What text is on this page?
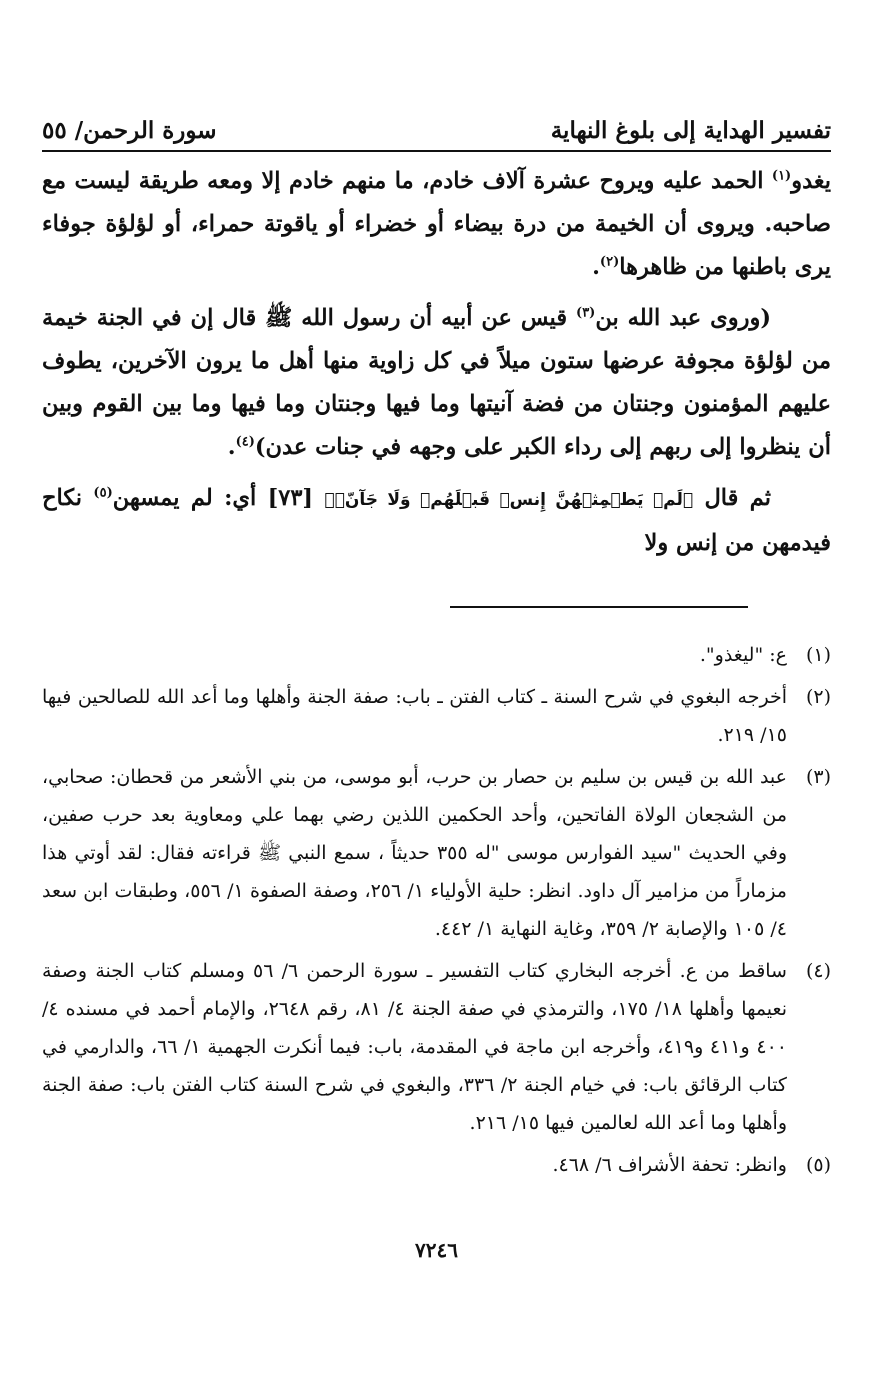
تفسير الهداية إلى بلوغ النهاية
سورة الرحمن/ ٥٥

يغدو$^{(١)}$ الحمد عليه ويروح عشرة آلاف خادم، ما منهم خادم إلا ومعه طريقة ليست مع صاحبه. ويروى أن الخيمة من درة بيضاء أو خضراء أو ياقوتة حمراء، أو لؤلؤة جوفاء يرى باطنها من ظاهرها$^{(٢)}$.

(وروى عبد الله بن$^{(٣)}$ قيس عن أبيه أن رسول الله ﷺ قال إن في الجنة خيمة من لؤلؤة مجوفة عرضها ستون ميلاً في كل زاوية منها أهل ما يرون الآخرين، يطوف عليهم المؤمنون وجنتان من فضة آنيتها وما فيها وجنتان وما فيها وما بين القوم وبين أن ينظروا إلى ربهم إلى رداء الكبر على وجهه في جنات عدن)$^{(٤)}$.

ثم قال ﴿لَمۡ يَطۡمِثۡهُنَّ إِنسٞ قَبۡلَهُمۡ وَلَا جَآنّٞ﴾ [٧٣] أي: لم يمسهن$^{(٥)}$ نكاح فيدمهن من إنس ولا

(١)
ع: "ليغذو".
(٢)
أخرجه البغوي في شرح السنة ـ كتاب الفتن ـ باب: صفة الجنة وأهلها وما أعد الله للصالحين فيها ١٥/ ٢١٩.
(٣)
عبد الله بن قيس بن سليم بن حصار بن حرب، أبو موسى، من بني الأشعر من قحطان: صحابي، من الشجعان الولاة الفاتحين، وأحد الحكمين اللذين رضي بهما علي ومعاوية بعد حرب صفين، وفي الحديث "سيد الفوارس موسى "له ٣٥٥ حديثاً ، سمع النبي ﷺ قراءته فقال: لقد أوتي هذا مزماراً من مزامير آل داود. انظر: حلية الأولياء ١/ ٢٥٦، وصفة الصفوة ١/ ٥٥٦، وطبقات ابن سعد ٤/ ١٠٥ والإصابة ٢/ ٣٥٩، وغاية النهاية ١/ ٤٤٢.
(٤)
ساقط من ع. أخرجه البخاري كتاب التفسير ـ سورة الرحمن ٦/ ٥٦ ومسلم كتاب الجنة وصفة نعيمها وأهلها ١٨/ ١٧٥، والترمذي في صفة الجنة ٤/ ٨١، رقم ٢٦٤٨، والإمام أحمد في مسنده ٤/ ٤٠٠ و٤١١ و٤١٩، وأخرجه ابن ماجة في المقدمة، باب: فيما أنكرت الجهمية ١/ ٦٦، والدارمي في كتاب الرقائق باب: في خيام الجنة ٢/ ٣٣٦، والبغوي في شرح السنة كتاب الفتن باب: صفة الجنة وأهلها وما أعد الله لعالمين فيها ١٥/ ٢١٦.
(٥)
وانظر: تحفة الأشراف ٦/ ٤٦٨.
٧٢٤٦
